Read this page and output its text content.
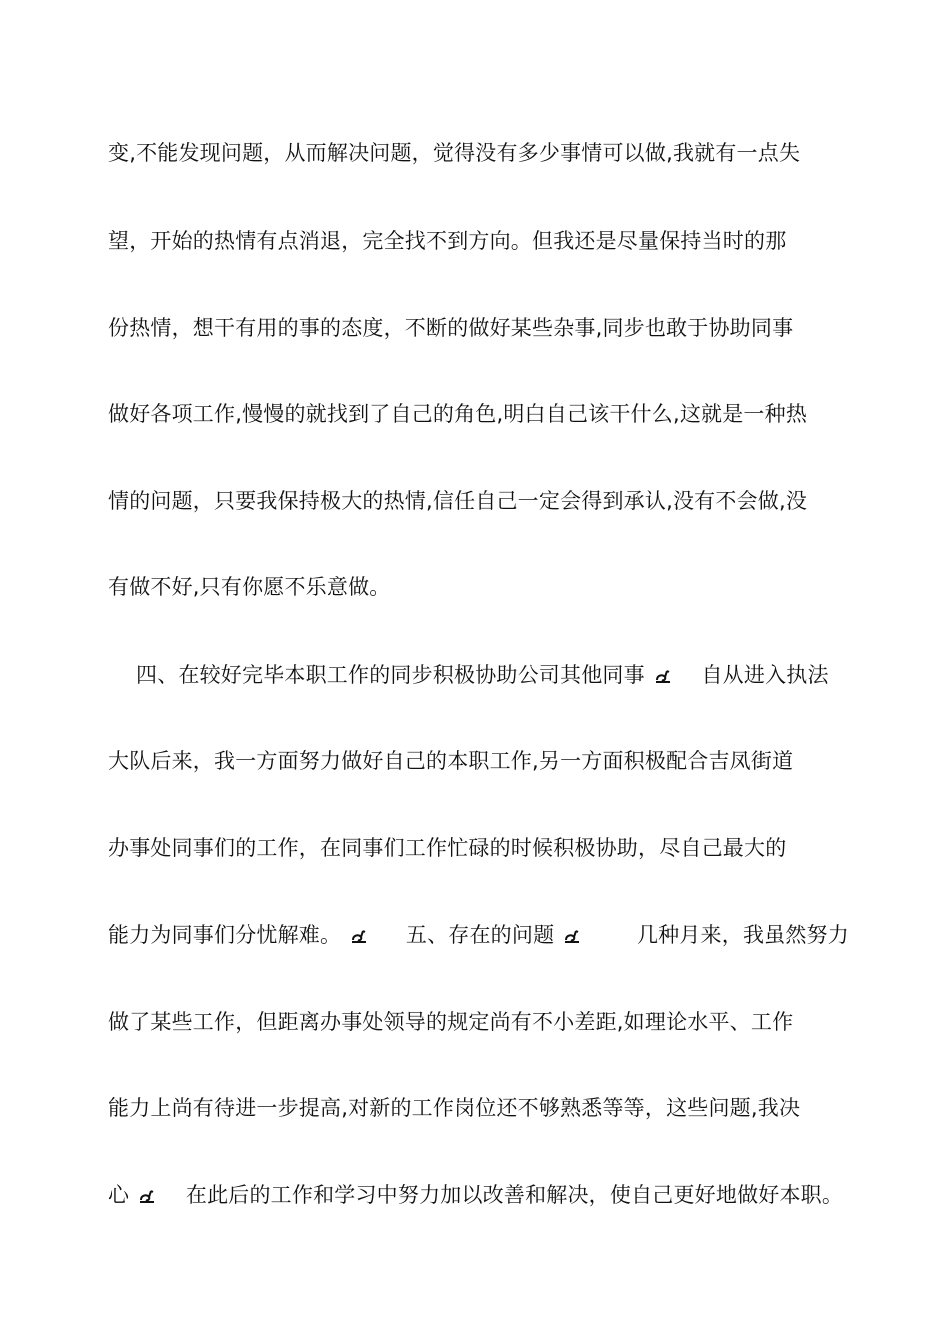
变,不能发现问题，从而解决问题，觉得没有多少事情可以做,我就有一点失
望，开始的热情有点消退，完全找不到方向。但我还是尽量保持当时的那
份热情，想干有用的事的态度，不断的做好某些杂事,同步也敢于协助同事
做好各项工作,慢慢的就找到了自己的角色,明白自己该干什么,这就是一种热
情的问题，只要我保持极大的热情,信任自己一定会得到承认,没有不会做,没
有做不好,只有你愿不乐意做。
四、在较好完毕本职工作的同步积极协助公司其他同事	自从进入执法
大队后来，我一方面努力做好自己的本职工作,另一方面积极配合吉凤街道
办事处同事们的工作，在同事们工作忙碌的时候积极协助，尽自己最大的
能力为同事们分忧解难。	五、存在的问题	几种月来，我虽然努力
做了某些工作，但距离办事处领导的规定尚有不小差距,如理论水平、工作
能力上尚有待进一步提高,对新的工作岗位还不够熟悉等等，这些问题,我决
心	在此后的工作和学习中努力加以改善和解决，使自己更好地做好本职。
